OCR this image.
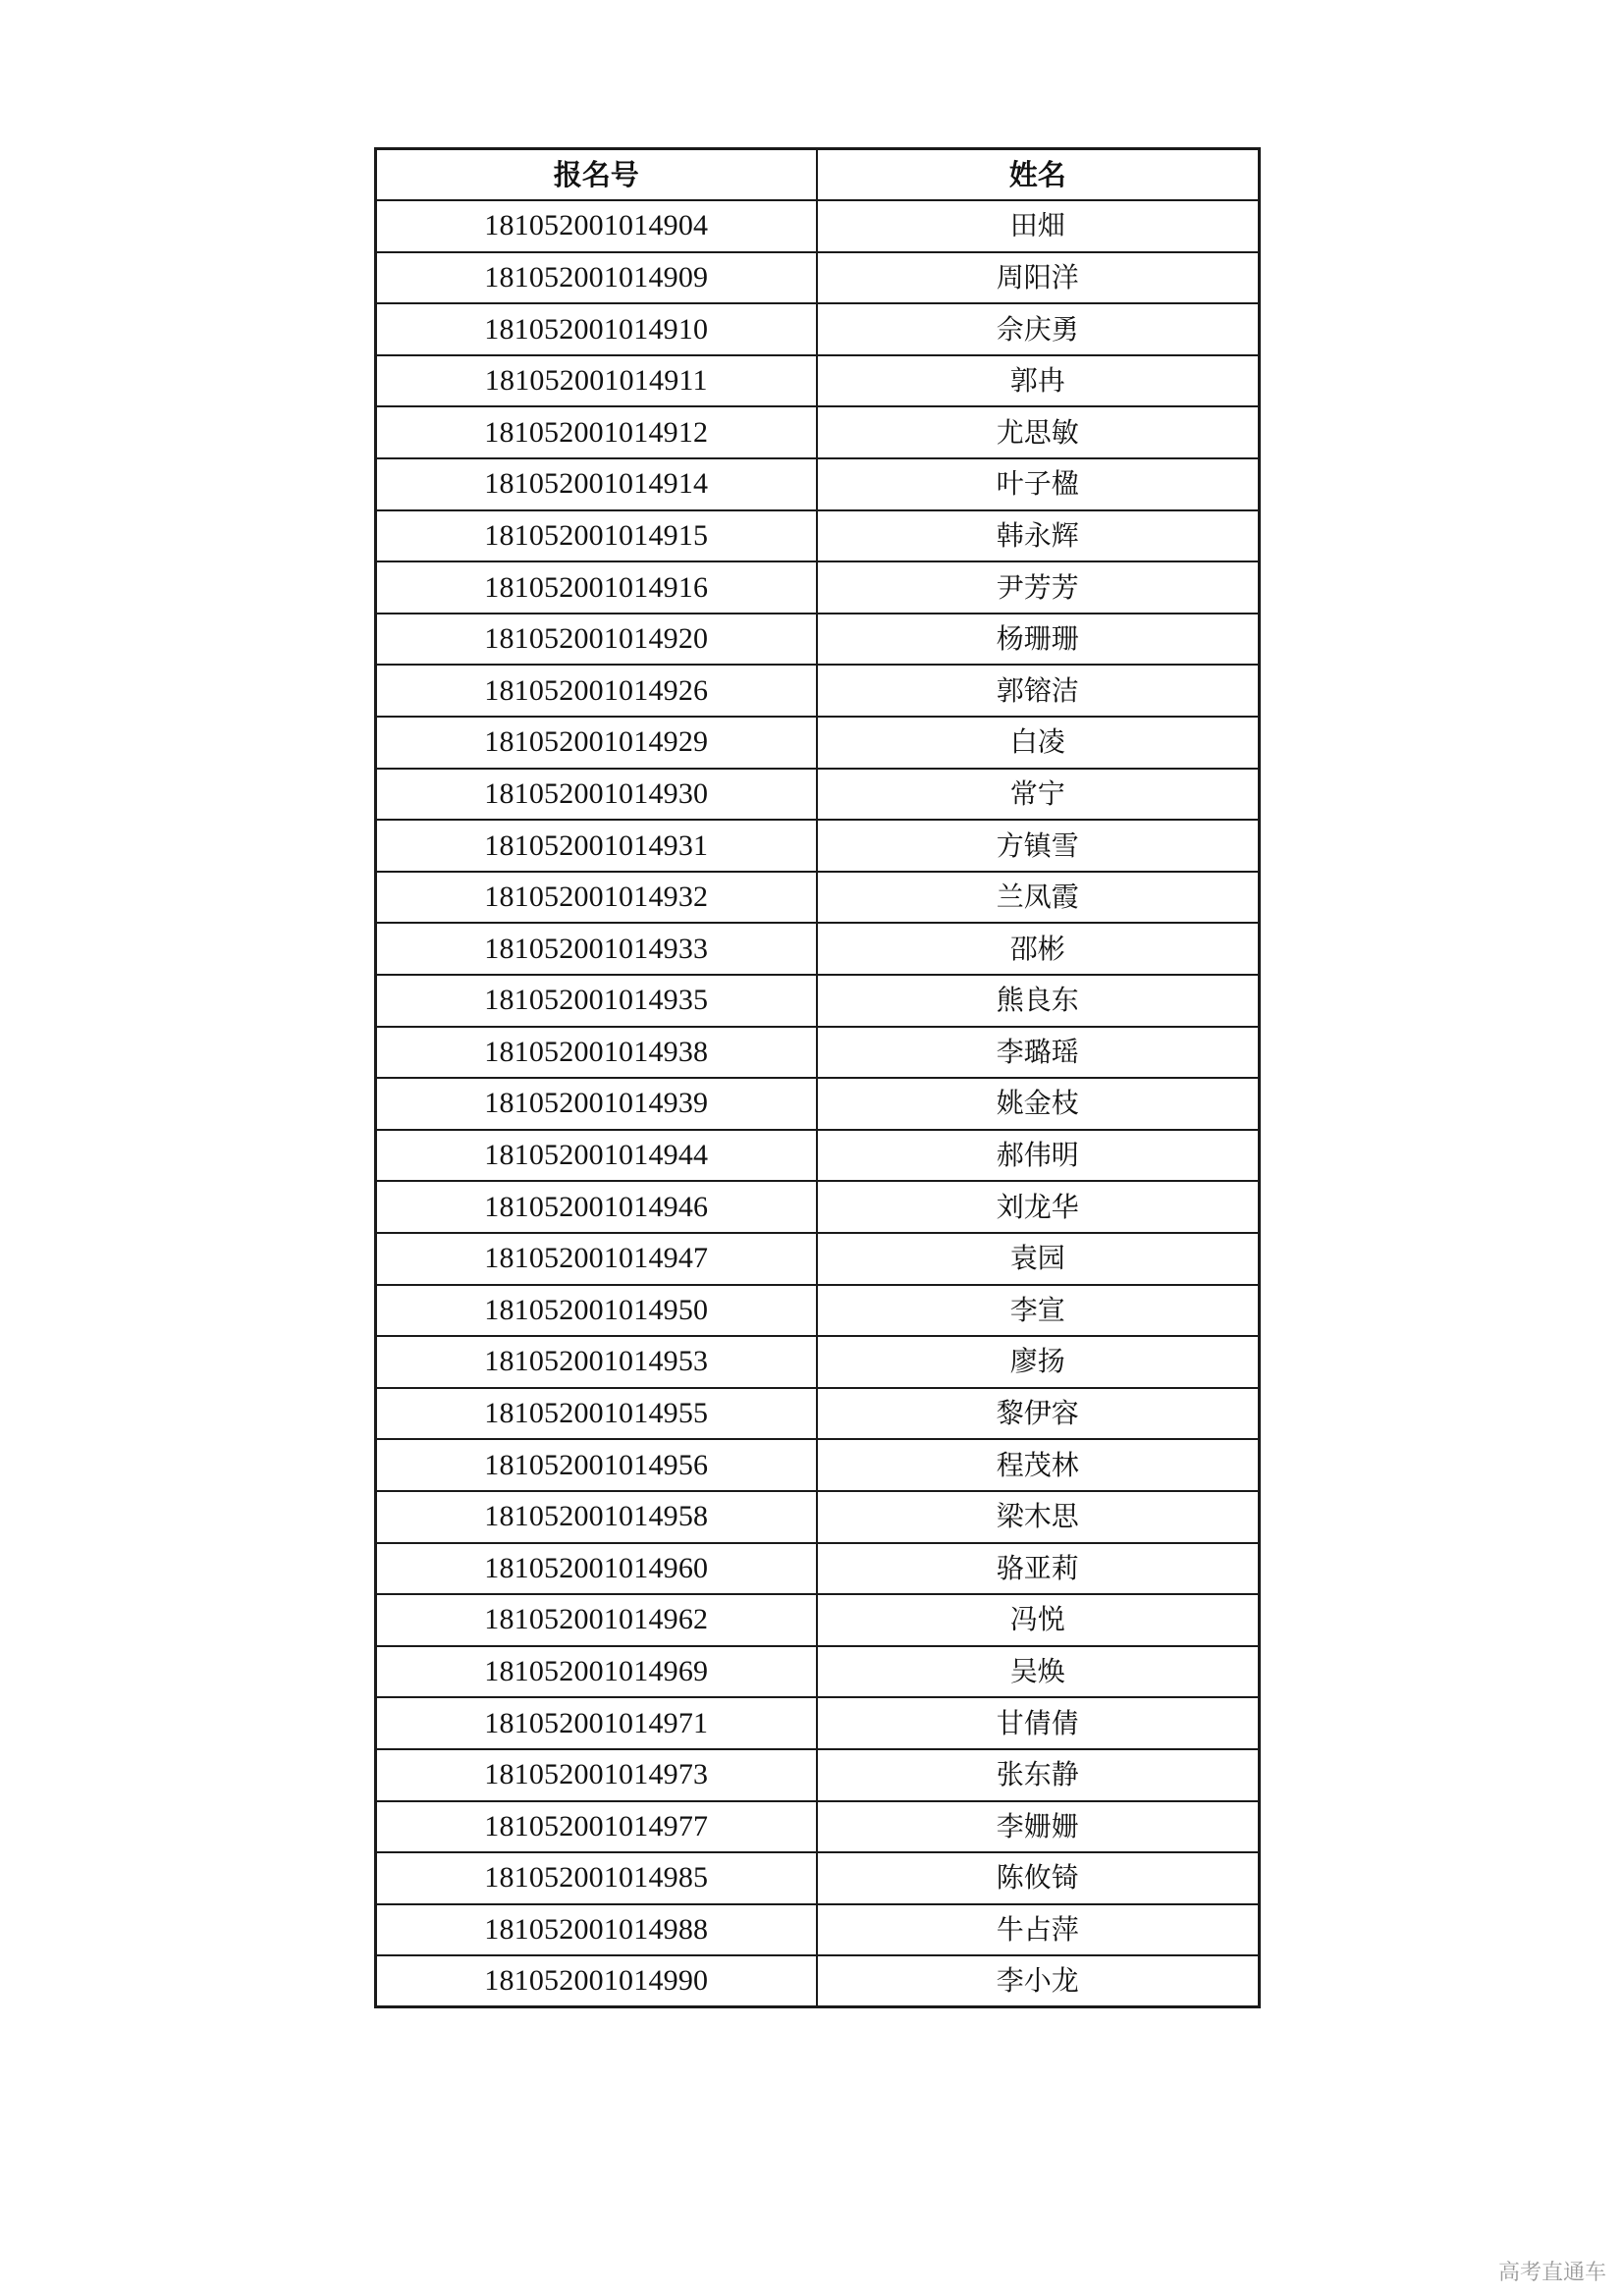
报名号	姓名
181052001014904	田畑
181052001014909	周阳洋
181052001014910	佘庆勇
181052001014911	郭冉
181052001014912	尤思敏
181052001014914	叶子楹
181052001014915	韩永辉
181052001014916	尹芳芳
181052001014920	杨珊珊
181052001014926	郭镕洁
181052001014929	白凌
181052001014930	常宁
181052001014931	方镇雪
181052001014932	兰凤霞
181052001014933	邵彬
181052001014935	熊良东
181052001014938	李璐瑶
181052001014939	姚金枝
181052001014944	郝伟明
181052001014946	刘龙华
181052001014947	袁园
181052001014950	李宣
181052001014953	廖扬
181052001014955	黎伊容
181052001014956	程茂林
181052001014958	梁木思
181052001014960	骆亚莉
181052001014962	冯悦
181052001014969	吴焕
181052001014971	甘倩倩
181052001014973	张东静
181052001014977	李姗姗
181052001014985	陈攸锜
181052001014988	牛占萍
181052001014990	李小龙
高考直通车
